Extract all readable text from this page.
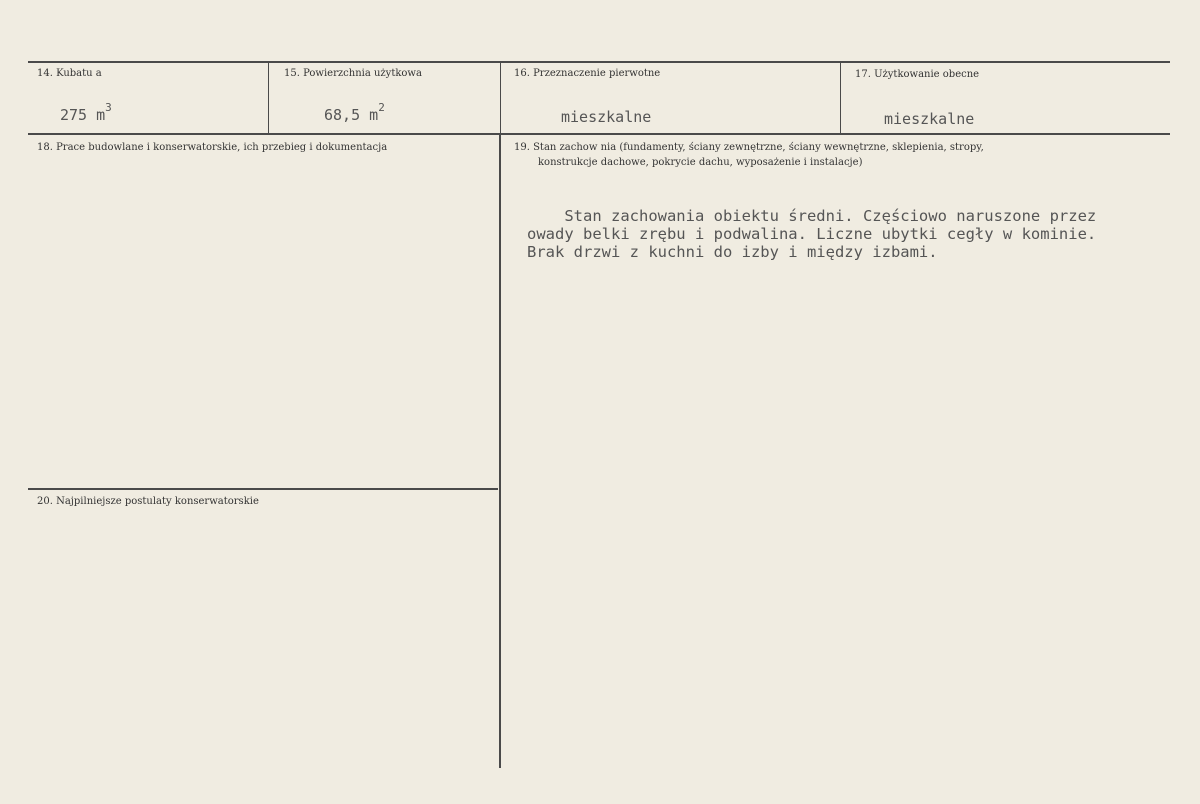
14. Kubatu a
275 $m^3$
15. Powierzchnia użytkowa
68,5 $m^2$
16. Przeznaczenie pierwotne
mieszkalne
17. Użytkowanie obecne
mieszkalne
18. Prace budowlane i konserwatorskie, ich przebieg i dokumentacja	19. Stan zachow nia (fundamenty, ściany zewnętrzne, ściany wewnętrzne, sklepienia, stropy,
konstrukcje dachowe, pokrycie dachu, wyposażenie i instalacje)
Stan zachowania obiektu średni. Częściowo naruszone przez
owady belki zrębu i podwalina. Liczne ubytki cegły w kominie.
Brak drzwi z kuchni do izby i między izbami.
20. Najpilniejsze postulaty konserwatorskie
